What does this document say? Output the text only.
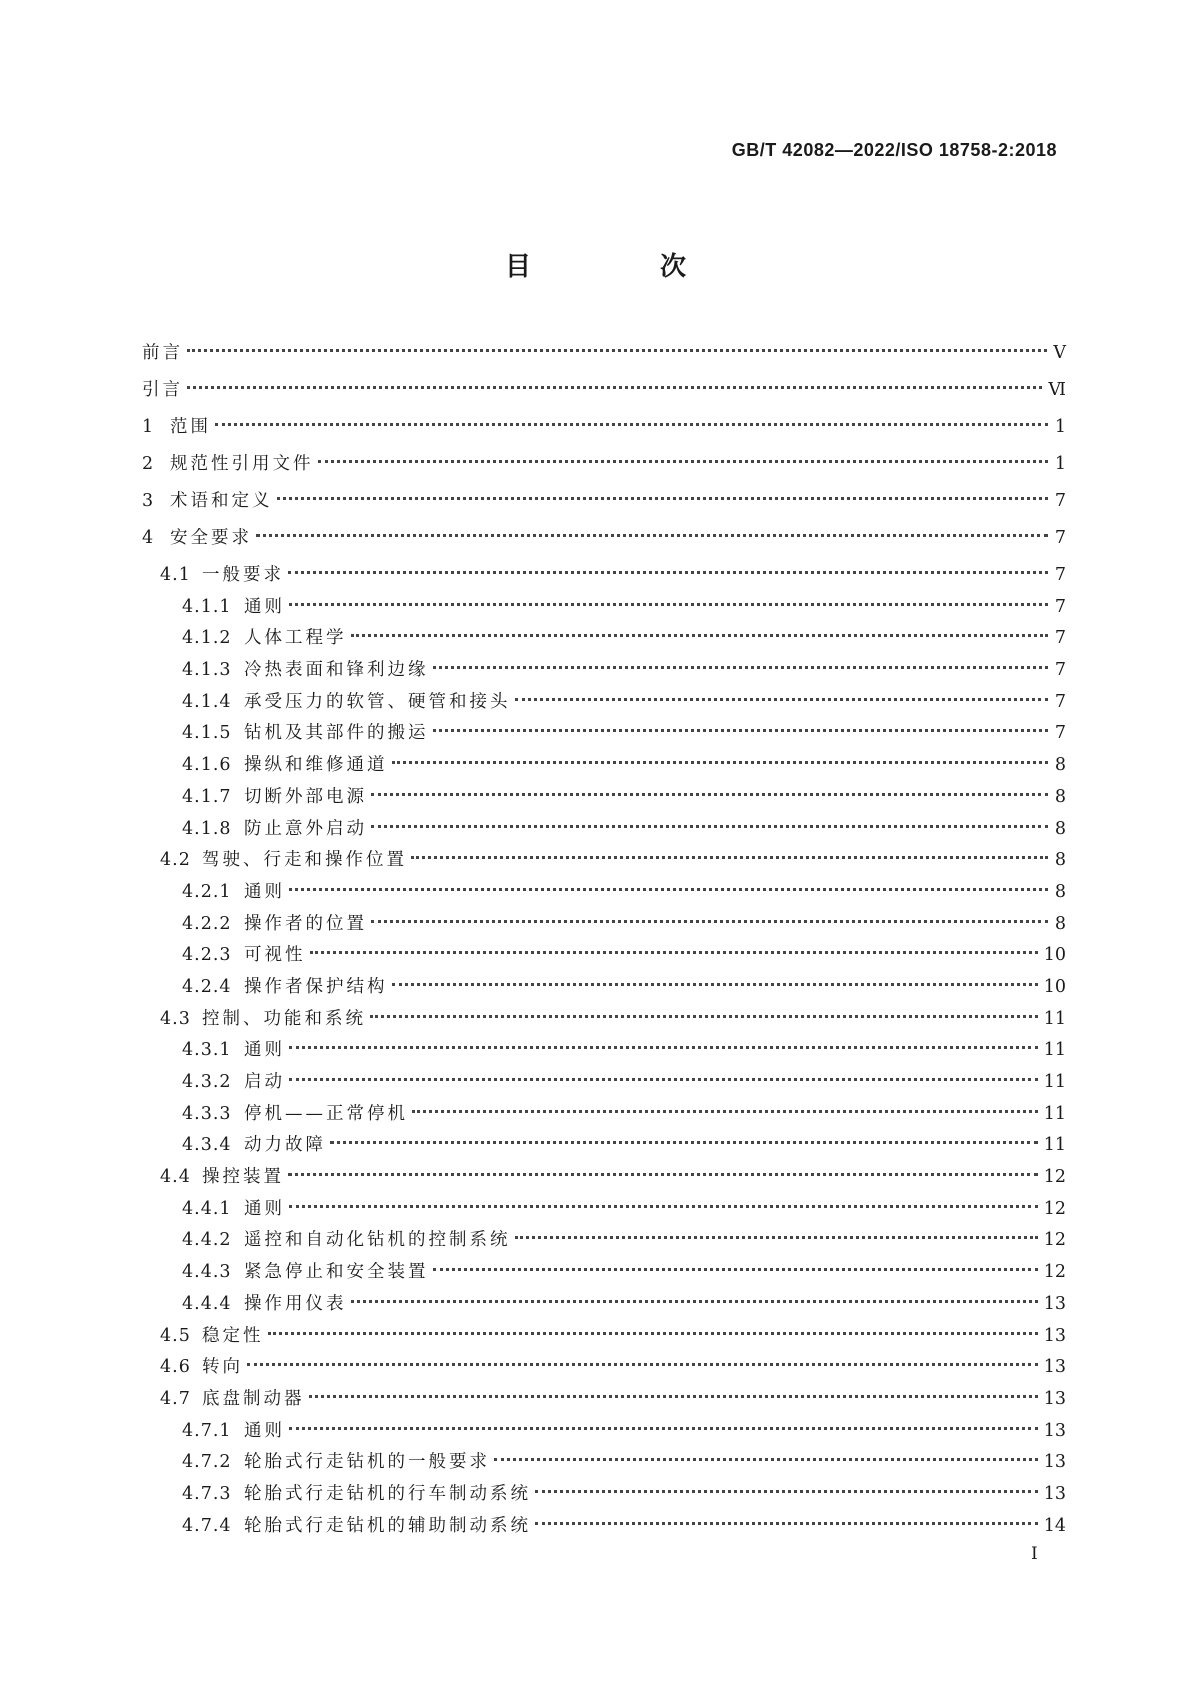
GB/T 42082—2022/ISO 18758-2:2018
目 次
前言	Ⅴ
引言	Ⅵ
1 范围	1
2 规范性引用文件	1
3 术语和定义	7
4 安全要求	7
4.1 一般要求	7
4.1.1 通则	7
4.1.2 人体工程学	7
4.1.3 冷热表面和锋利边缘	7
4.1.4 承受压力的软管、硬管和接头	7
4.1.5 钻机及其部件的搬运	7
4.1.6 操纵和维修通道	8
4.1.7 切断外部电源	8
4.1.8 防止意外启动	8
4.2 驾驶、行走和操作位置	8
4.2.1 通则	8
4.2.2 操作者的位置	8
4.2.3 可视性	10
4.2.4 操作者保护结构	10
4.3 控制、功能和系统	11
4.3.1 通则	11
4.3.2 启动	11
4.3.3 停机——正常停机	11
4.3.4 动力故障	11
4.4 操控装置	12
4.4.1 通则	12
4.4.2 遥控和自动化钻机的控制系统	12
4.4.3 紧急停止和安全装置	12
4.4.4 操作用仪表	13
4.5 稳定性	13
4.6 转向	13
4.7 底盘制动器	13
4.7.1 通则	13
4.7.2 轮胎式行走钻机的一般要求	13
4.7.3 轮胎式行走钻机的行车制动系统	13
4.7.4 轮胎式行走钻机的辅助制动系统	14
Ⅰ
